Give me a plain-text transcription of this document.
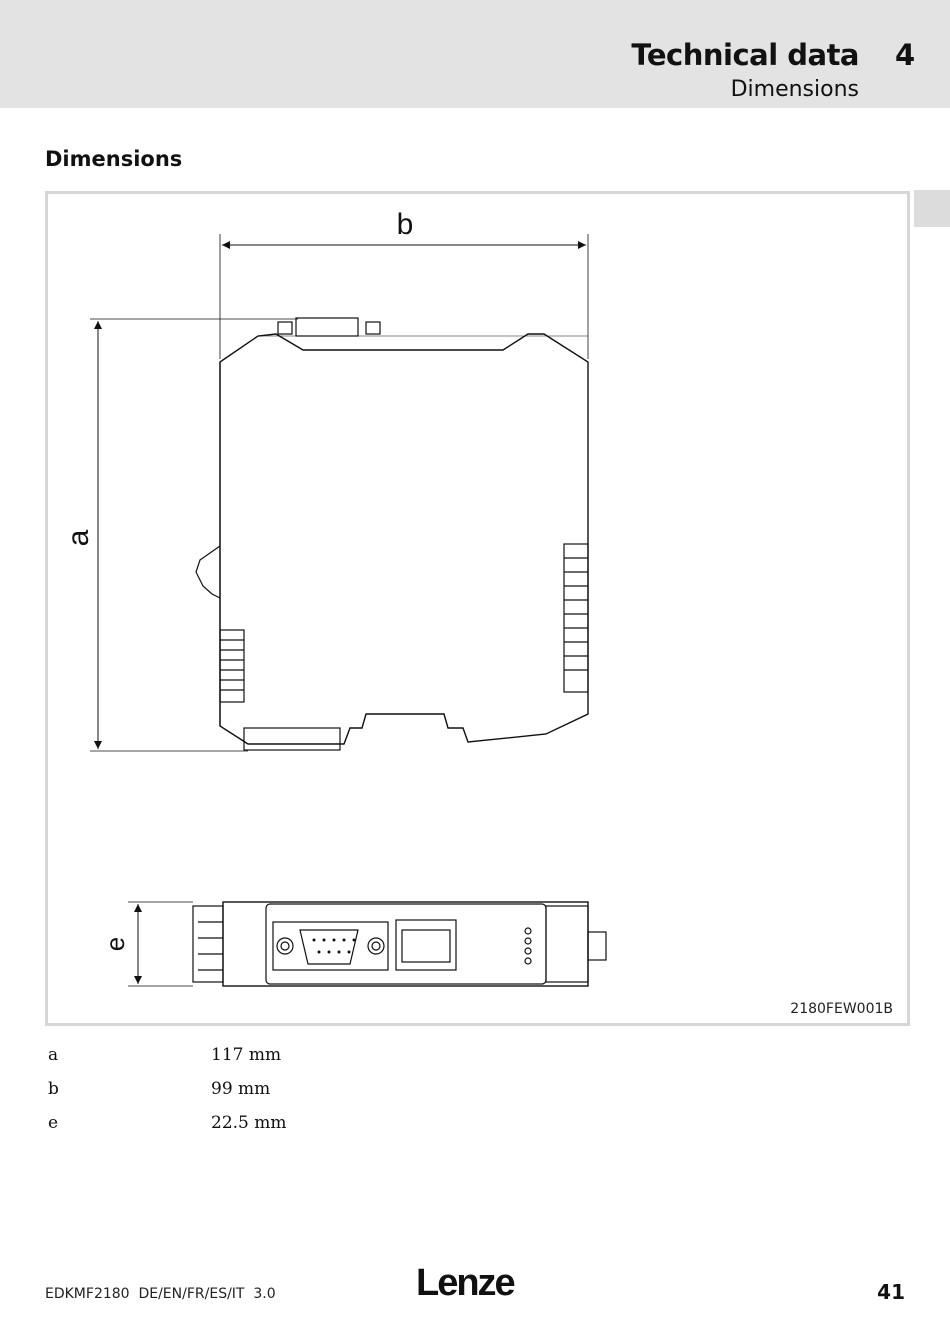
Technical data 4
Dimensions
Dimensions
b
a
e
2180FEW001B
a	117 mm
b	99 mm
e	22.5 mm
EDKMF2180  DE/EN/FR/ES/IT  3.0	Lenze	41
